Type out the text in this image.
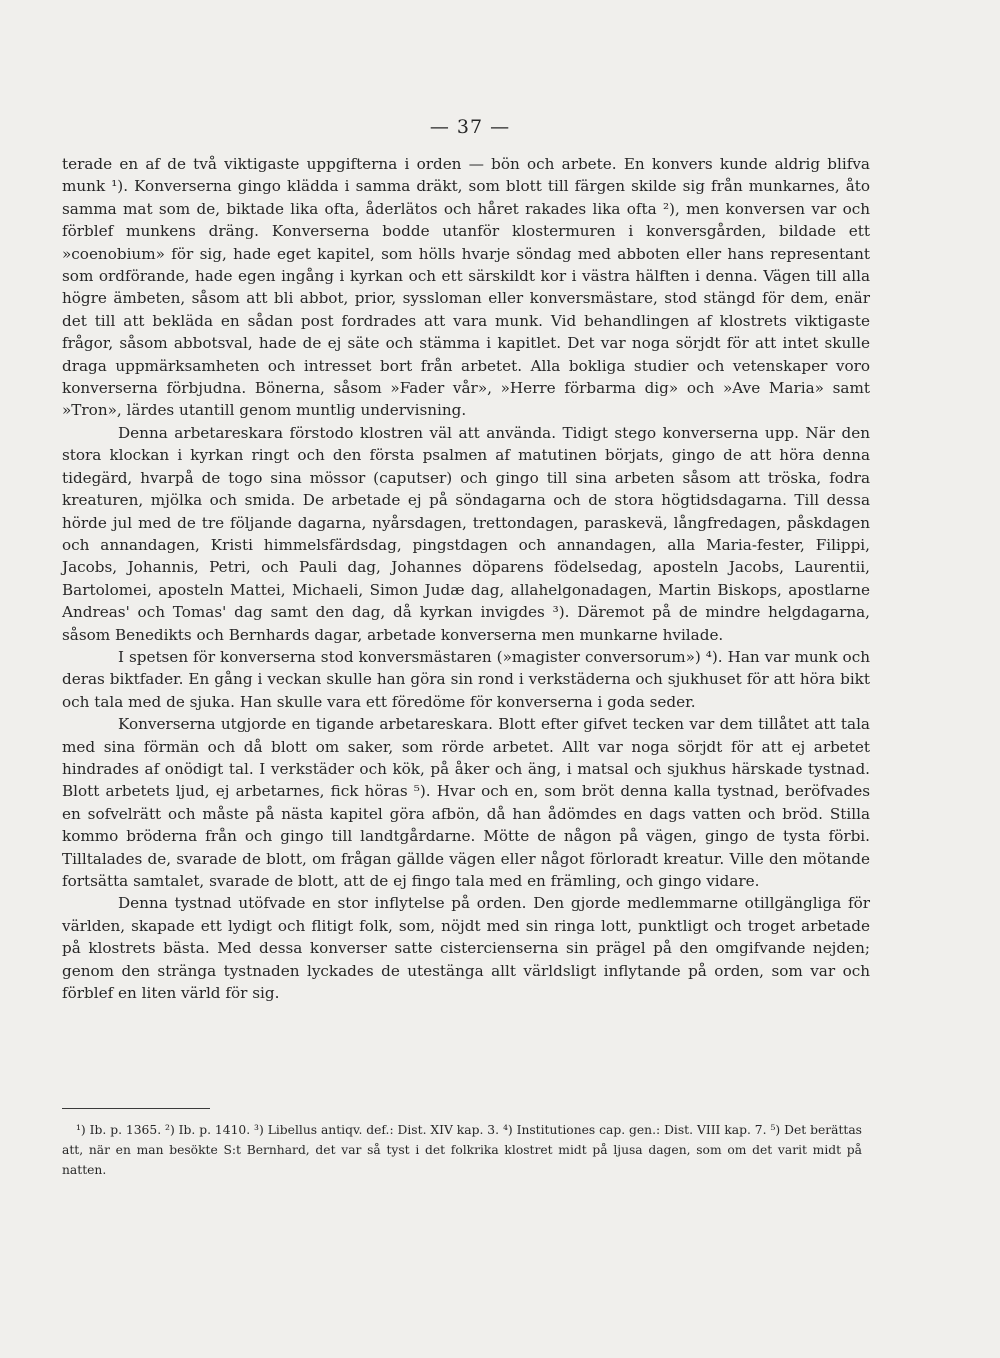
— 37 —

terade en af de två viktigaste uppgifterna i orden — bön och arbete. En konvers kunde aldrig blifva munk ¹). Konverserna gingo klädda i samma dräkt, som blott till färgen skilde sig från munkarnes, åto samma mat som de, biktade lika ofta, åderlätos och håret rakades lika ofta ²), men konversen var och förblef munkens dräng. Konverserna bodde utanför klostermuren i konversgården, bildade ett »coenobium» för sig, hade eget kapitel, som hölls hvarje söndag med abboten eller hans representant som ordförande, hade egen ingång i kyrkan och ett särskildt kor i västra hälften i denna. Vägen till alla högre ämbeten, såsom att bli abbot, prior, syssloman eller konversmästare, stod stängd för dem, enär det till att bekläda en sådan post fordrades att vara munk. Vid behandlingen af klostrets viktigaste frågor, såsom abbotsval, hade de ej säte och stämma i kapitlet. Det var noga sörjdt för att intet skulle draga uppmärksamheten och intresset bort från arbetet. Alla bokliga studier och vetenskaper voro konverserna förbjudna. Bönerna, såsom »Fader vår», »Herre förbarma dig» och »Ave Maria» samt »Tron», lärdes utantill genom muntlig undervisning.

Denna arbetareskara förstodo klostren väl att använda. Tidigt stego konverserna upp. När den stora klockan i kyrkan ringt och den första psalmen af matutinen börjats, gingo de att höra denna tidegärd, hvarpå de togo sina mössor (caputser) och gingo till sina arbeten såsom att tröska, fodra kreaturen, mjölka och smida. De arbetade ej på söndagarna och de stora högtidsdagarna. Till dessa hörde jul med de tre följande dagarna, nyårsdagen, trettondagen, paraskevä, långfredagen, påskdagen och annandagen, Kristi himmelsfärdsdag, pingstdagen och annandagen, alla Maria-fester, Filippi, Jacobs, Johannis, Petri, och Pauli dag, Johannes döparens födelsedag, aposteln Jacobs, Laurentii, Bartolomei, aposteln Mattei, Michaeli, Simon Judæ dag, allahelgonadagen, Martin Biskops, apostlarne Andreas' och Tomas' dag samt den dag, då kyrkan invigdes ³). Däremot på de mindre helgdagarna, såsom Benedikts och Bernhards dagar, arbetade konverserna men munkarne hvilade.

I spetsen för konverserna stod konversmästaren (»magister conversorum») ⁴). Han var munk och deras biktfader. En gång i veckan skulle han göra sin rond i verkstäderna och sjukhuset för att höra bikt och tala med de sjuka. Han skulle vara ett föredöme för konverserna i goda seder.

Konverserna utgjorde en tigande arbetareskara. Blott efter gifvet tecken var dem tillåtet att tala med sina förmän och då blott om saker, som rörde arbetet. Allt var noga sörjdt för att ej arbetet hindrades af onödigt tal. I verkstäder och kök, på åker och äng, i matsal och sjukhus härskade tystnad. Blott arbetets ljud, ej arbetarnes, fick höras ⁵). Hvar och en, som bröt denna kalla tystnad, beröfvades en sofvelrätt och måste på nästa kapitel göra afbön, då han ådömdes en dags vatten och bröd. Stilla kommo bröderna från och gingo till landtgårdarne. Mötte de någon på vägen, gingo de tysta förbi. Tilltalades de, svarade de blott, om frågan gällde vägen eller något förloradt kreatur. Ville den mötande fortsätta samtalet, svarade de blott, att de ej fingo tala med en främling, och gingo vidare.

Denna tystnad utöfvade en stor inflytelse på orden. Den gjorde medlemmarne otillgängliga för världen, skapade ett lydigt och flitigt folk, som, nöjdt med sin ringa lott, punktligt och troget arbetade på klostrets bästa. Med dessa konverser satte cistercienserna sin prägel på den omgifvande nejden; genom den stränga tystnaden lyckades de utestänga allt världsligt inflytande på orden, som var och förblef en liten värld för sig.

¹) Ib. p. 1365. ²) Ib. p. 1410. ³) Libellus antiqv. def.: Dist. XIV kap. 3. ⁴) Institutiones cap. gen.: Dist. VIII kap. 7. ⁵) Det berättas att, när en man besökte S:t Bernhard, det var så tyst i det folkrika klostret midt på ljusa dagen, som om det varit midt på natten.
